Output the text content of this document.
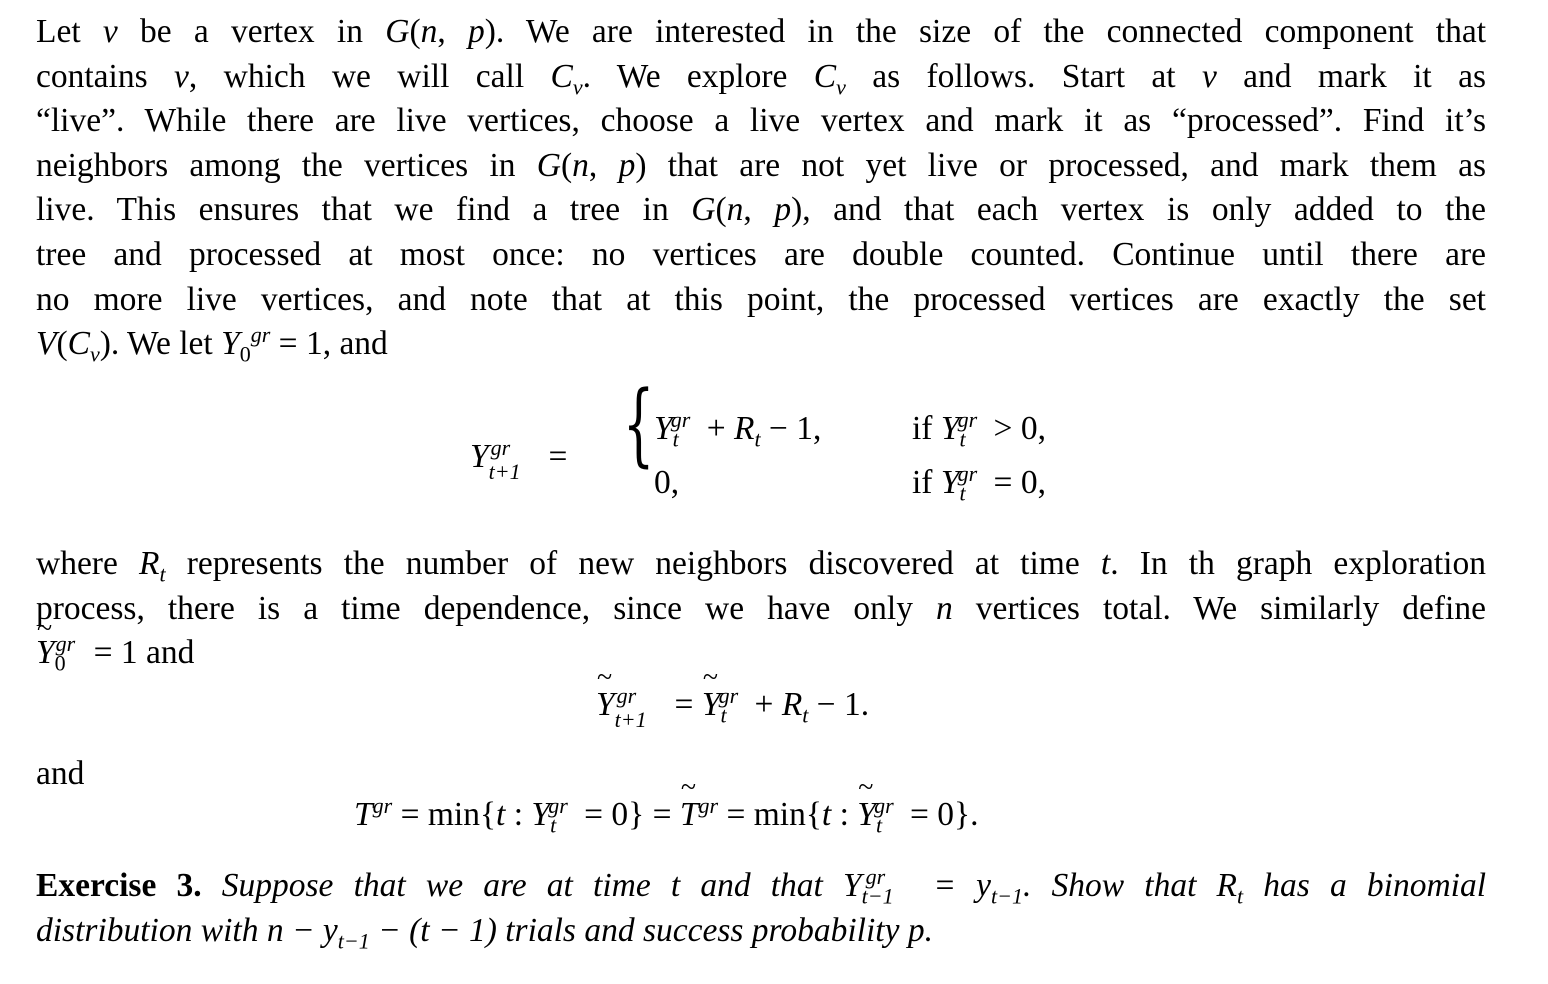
Let v be a vertex in G(n, p). We are interested in the size of the connected component that
contains v, which we will call $C_v$. We explore $C_v$ as follows. Start at v and mark it as
“live”. While there are live vertices, choose a live vertex and mark it as “processed”. Find it’s
neighbors among the vertices in G(n, p) that are not yet live or processed, and mark them as
live. This ensures that we find a tree in G(n, p), and that each vertex is only added to the
tree and processed at most once: no vertices are double counted. Continue until there are
no more live vertices, and note that at this point, the processed vertices are exactly the set
$V(C_v)$. We let $Y_0^{gr} = 1$, and

$Y_{t+1}^{gr}$ = { $Y_t^{gr} + R_t - 1$,	if $Y_t^{gr} > 0$,
0,	if $Y_t^{gr} = 0$,

where $R_t$ represents the number of new neighbors discovered at time t. In th graph exploration
process, there is a time dependence, since we have only n vertices total. We similarly define
~ $Y_0^{gr} = 1$ and

~ $Y_{t+1}^{gr}$ = ~ $Y_t^{gr} + R_t - 1$.
and
$T^{gr} = \min\{t$ : $Y_t^{gr} = 0$} = ~ $T^{gr} = \min\{t$ : ~ $Y_t^{gr} = 0$}.

Exercise 3. Suppose that we are at time t and that $Y_{t-1}^{gr} = y_{t-1}$. Show that $R_t$ has a binomial
distribution with $n - y_{t-1} - (t - 1)$ trials and success probability p.
